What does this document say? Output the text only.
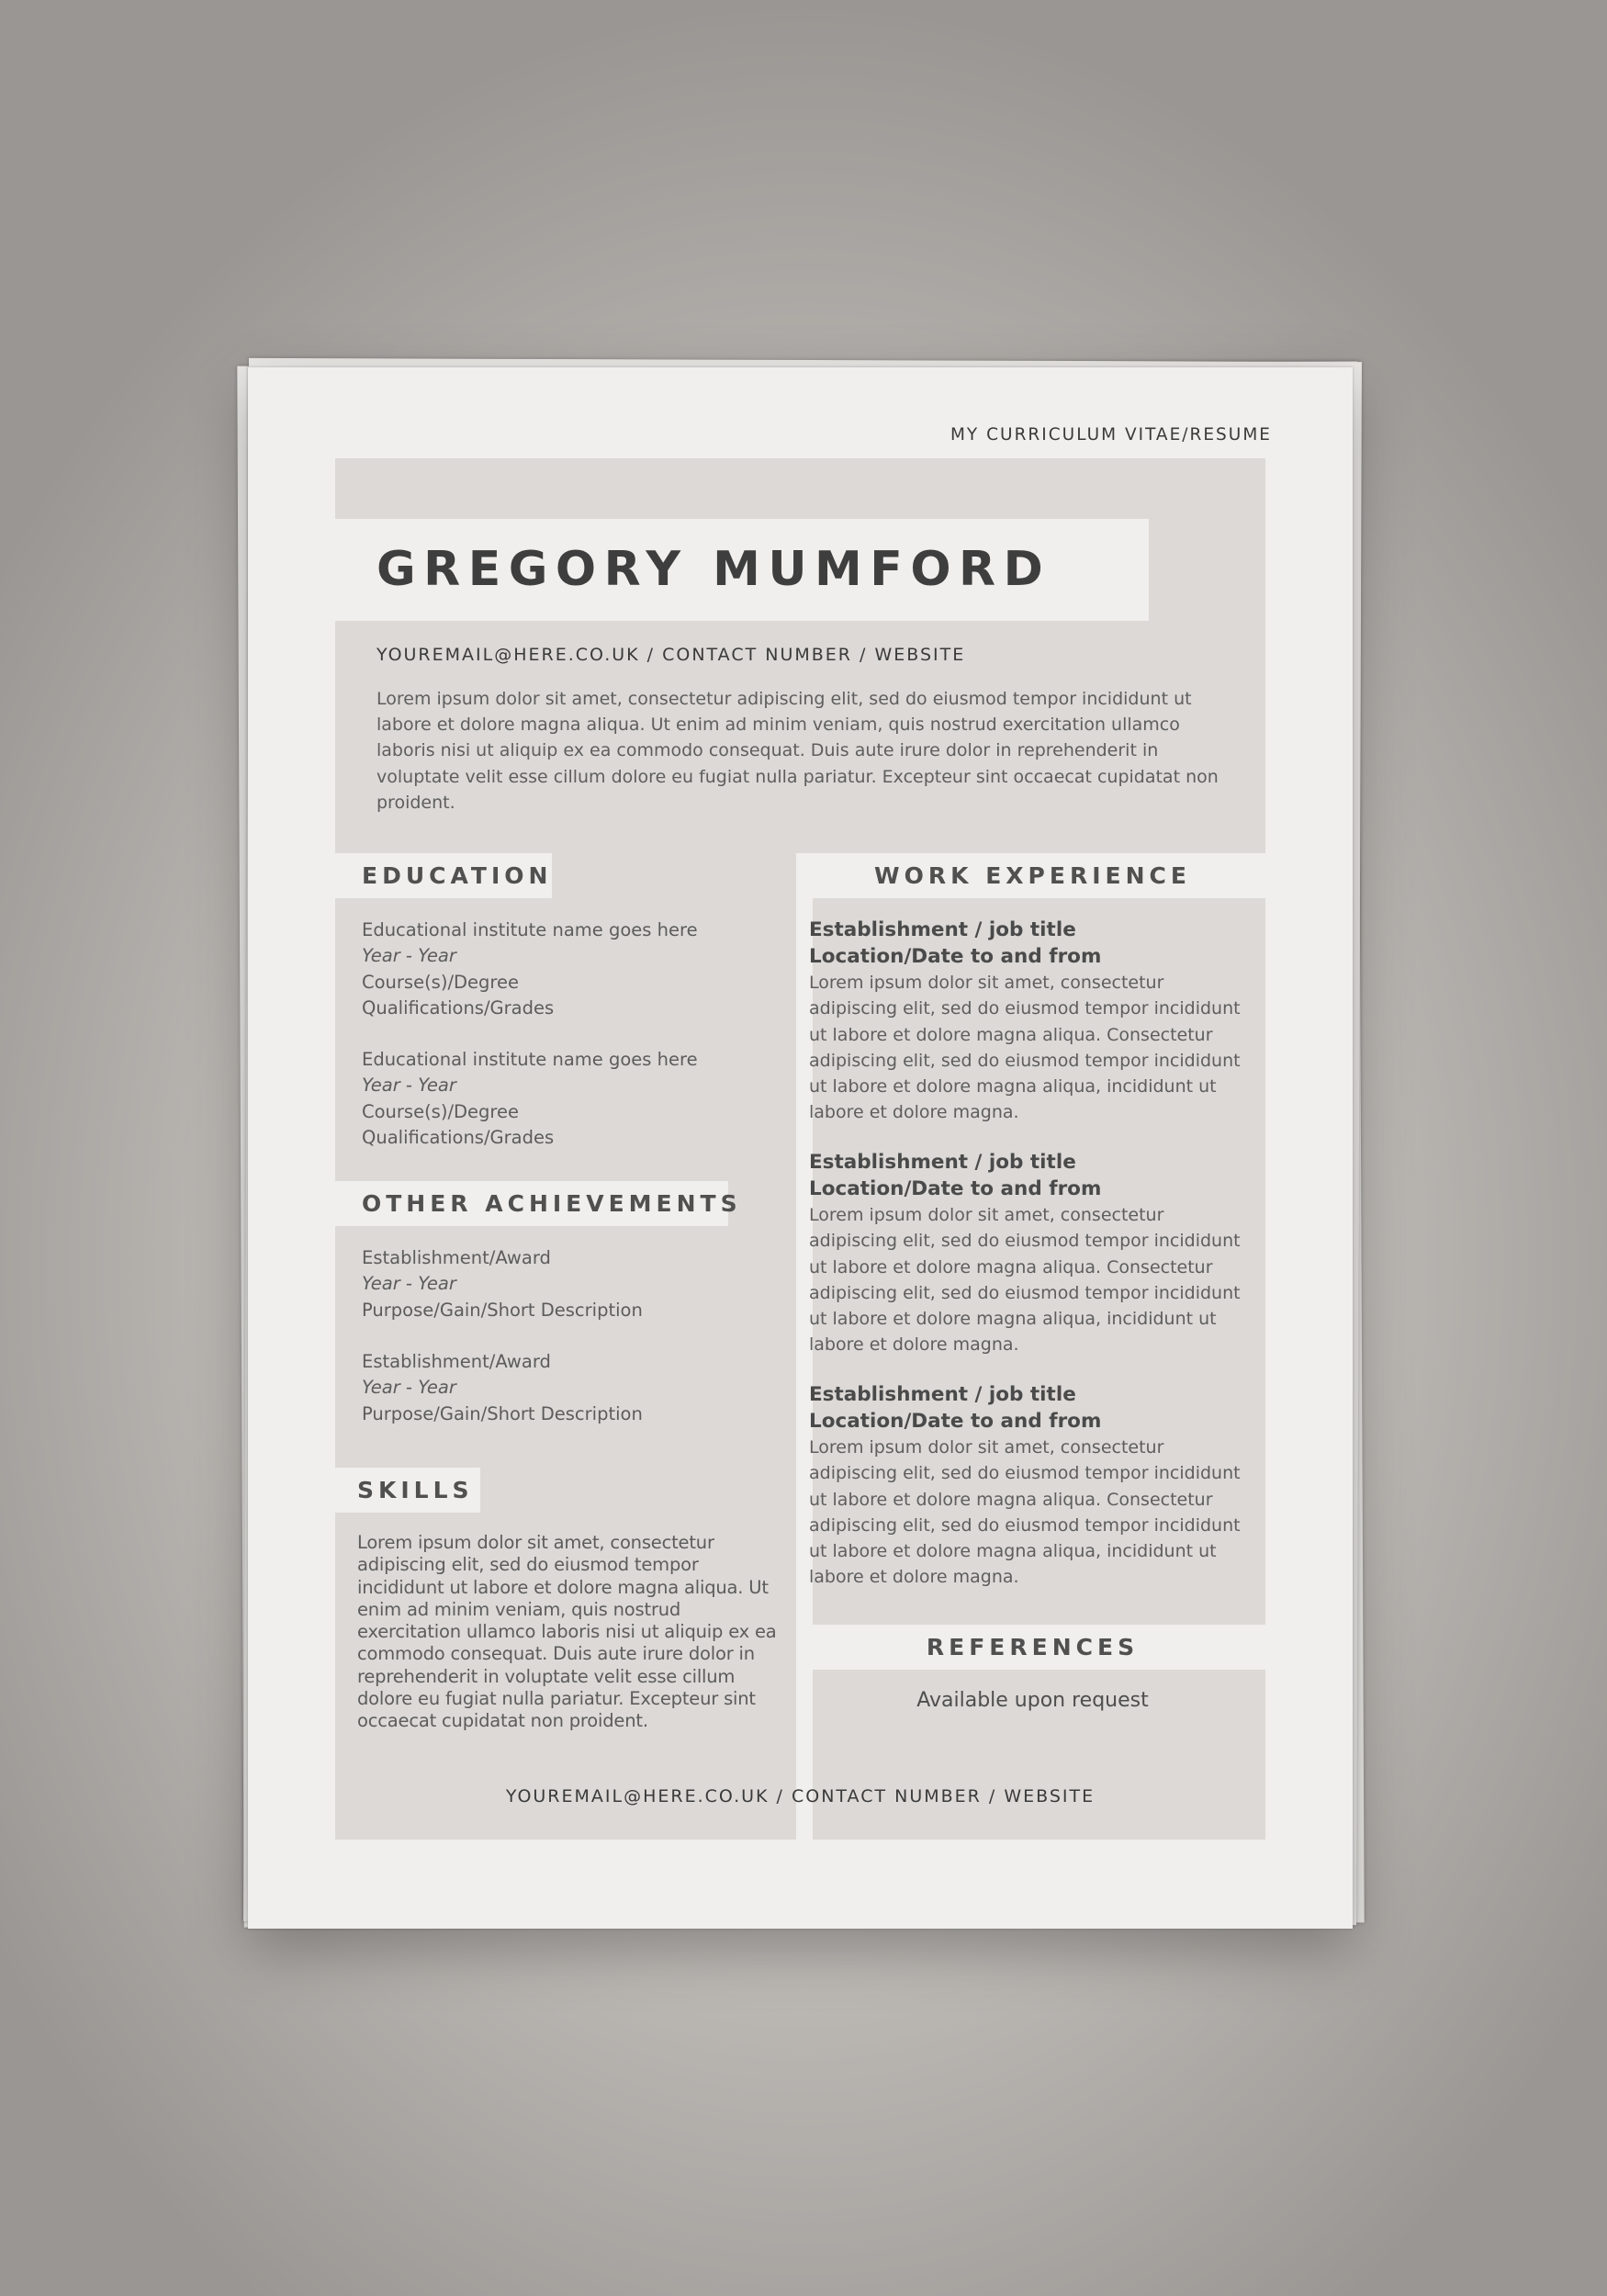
MY CURRICULUM VITAE/RESUME
GREGORY MUMFORD
YOUREMAIL@HERE.CO.UK / CONTACT NUMBER / WEBSITE
Lorem ipsum dolor sit amet, consectetur adipiscing elit, sed do eiusmod tempor incididunt ut labore et dolore magna aliqua. Ut enim ad minim veniam, quis nostrud exercitation ullamco laboris nisi ut aliquip ex ea commodo consequat. Duis aute irure dolor in reprehenderit in voluptate velit esse cillum dolore eu fugiat nulla pariatur. Excepteur sint occaecat cupidatat non proident.
EDUCATION
Educational institute name goes here
Year - Year
Course(s)/Degree
Qualifications/Grades
Educational institute name goes here
Year - Year
Course(s)/Degree
Qualifications/Grades
OTHER ACHIEVEMENTS
Establishment/Award
Year - Year
Purpose/Gain/Short Description
Establishment/Award
Year - Year
Purpose/Gain/Short Description
SKILLS
Lorem ipsum dolor sit amet, consectetur adipiscing elit, sed do eiusmod tempor incididunt ut labore et dolore magna aliqua. Ut enim ad minim veniam, quis nostrud exercitation ullamco laboris nisi ut aliquip ex ea commodo consequat. Duis aute irure dolor in reprehenderit in voluptate velit esse cillum dolore eu fugiat nulla pariatur. Excepteur sint occaecat cupidatat non proident.
WORK EXPERIENCE
Establishment / job title
Location/Date to and from
Lorem ipsum dolor sit amet, consectetur adipiscing elit, sed do eiusmod tempor incididunt ut labore et dolore magna aliqua. Consectetur adipiscing elit, sed do eiusmod tempor incididunt ut labore et dolore magna aliqua, incididunt ut labore et dolore magna.
Establishment / job title
Location/Date to and from
Lorem ipsum dolor sit amet, consectetur adipiscing elit, sed do eiusmod tempor incididunt ut labore et dolore magna aliqua. Consectetur adipiscing elit, sed do eiusmod tempor incididunt ut labore et dolore magna aliqua, incididunt ut labore et dolore magna.
Establishment / job title
Location/Date to and from
Lorem ipsum dolor sit amet, consectetur adipiscing elit, sed do eiusmod tempor incididunt ut labore et dolore magna aliqua. Consectetur adipiscing elit, sed do eiusmod tempor incididunt ut labore et dolore magna aliqua, incididunt ut labore et dolore magna.
REFERENCES
Available upon request
YOUREMAIL@HERE.CO.UK / CONTACT NUMBER / WEBSITE
